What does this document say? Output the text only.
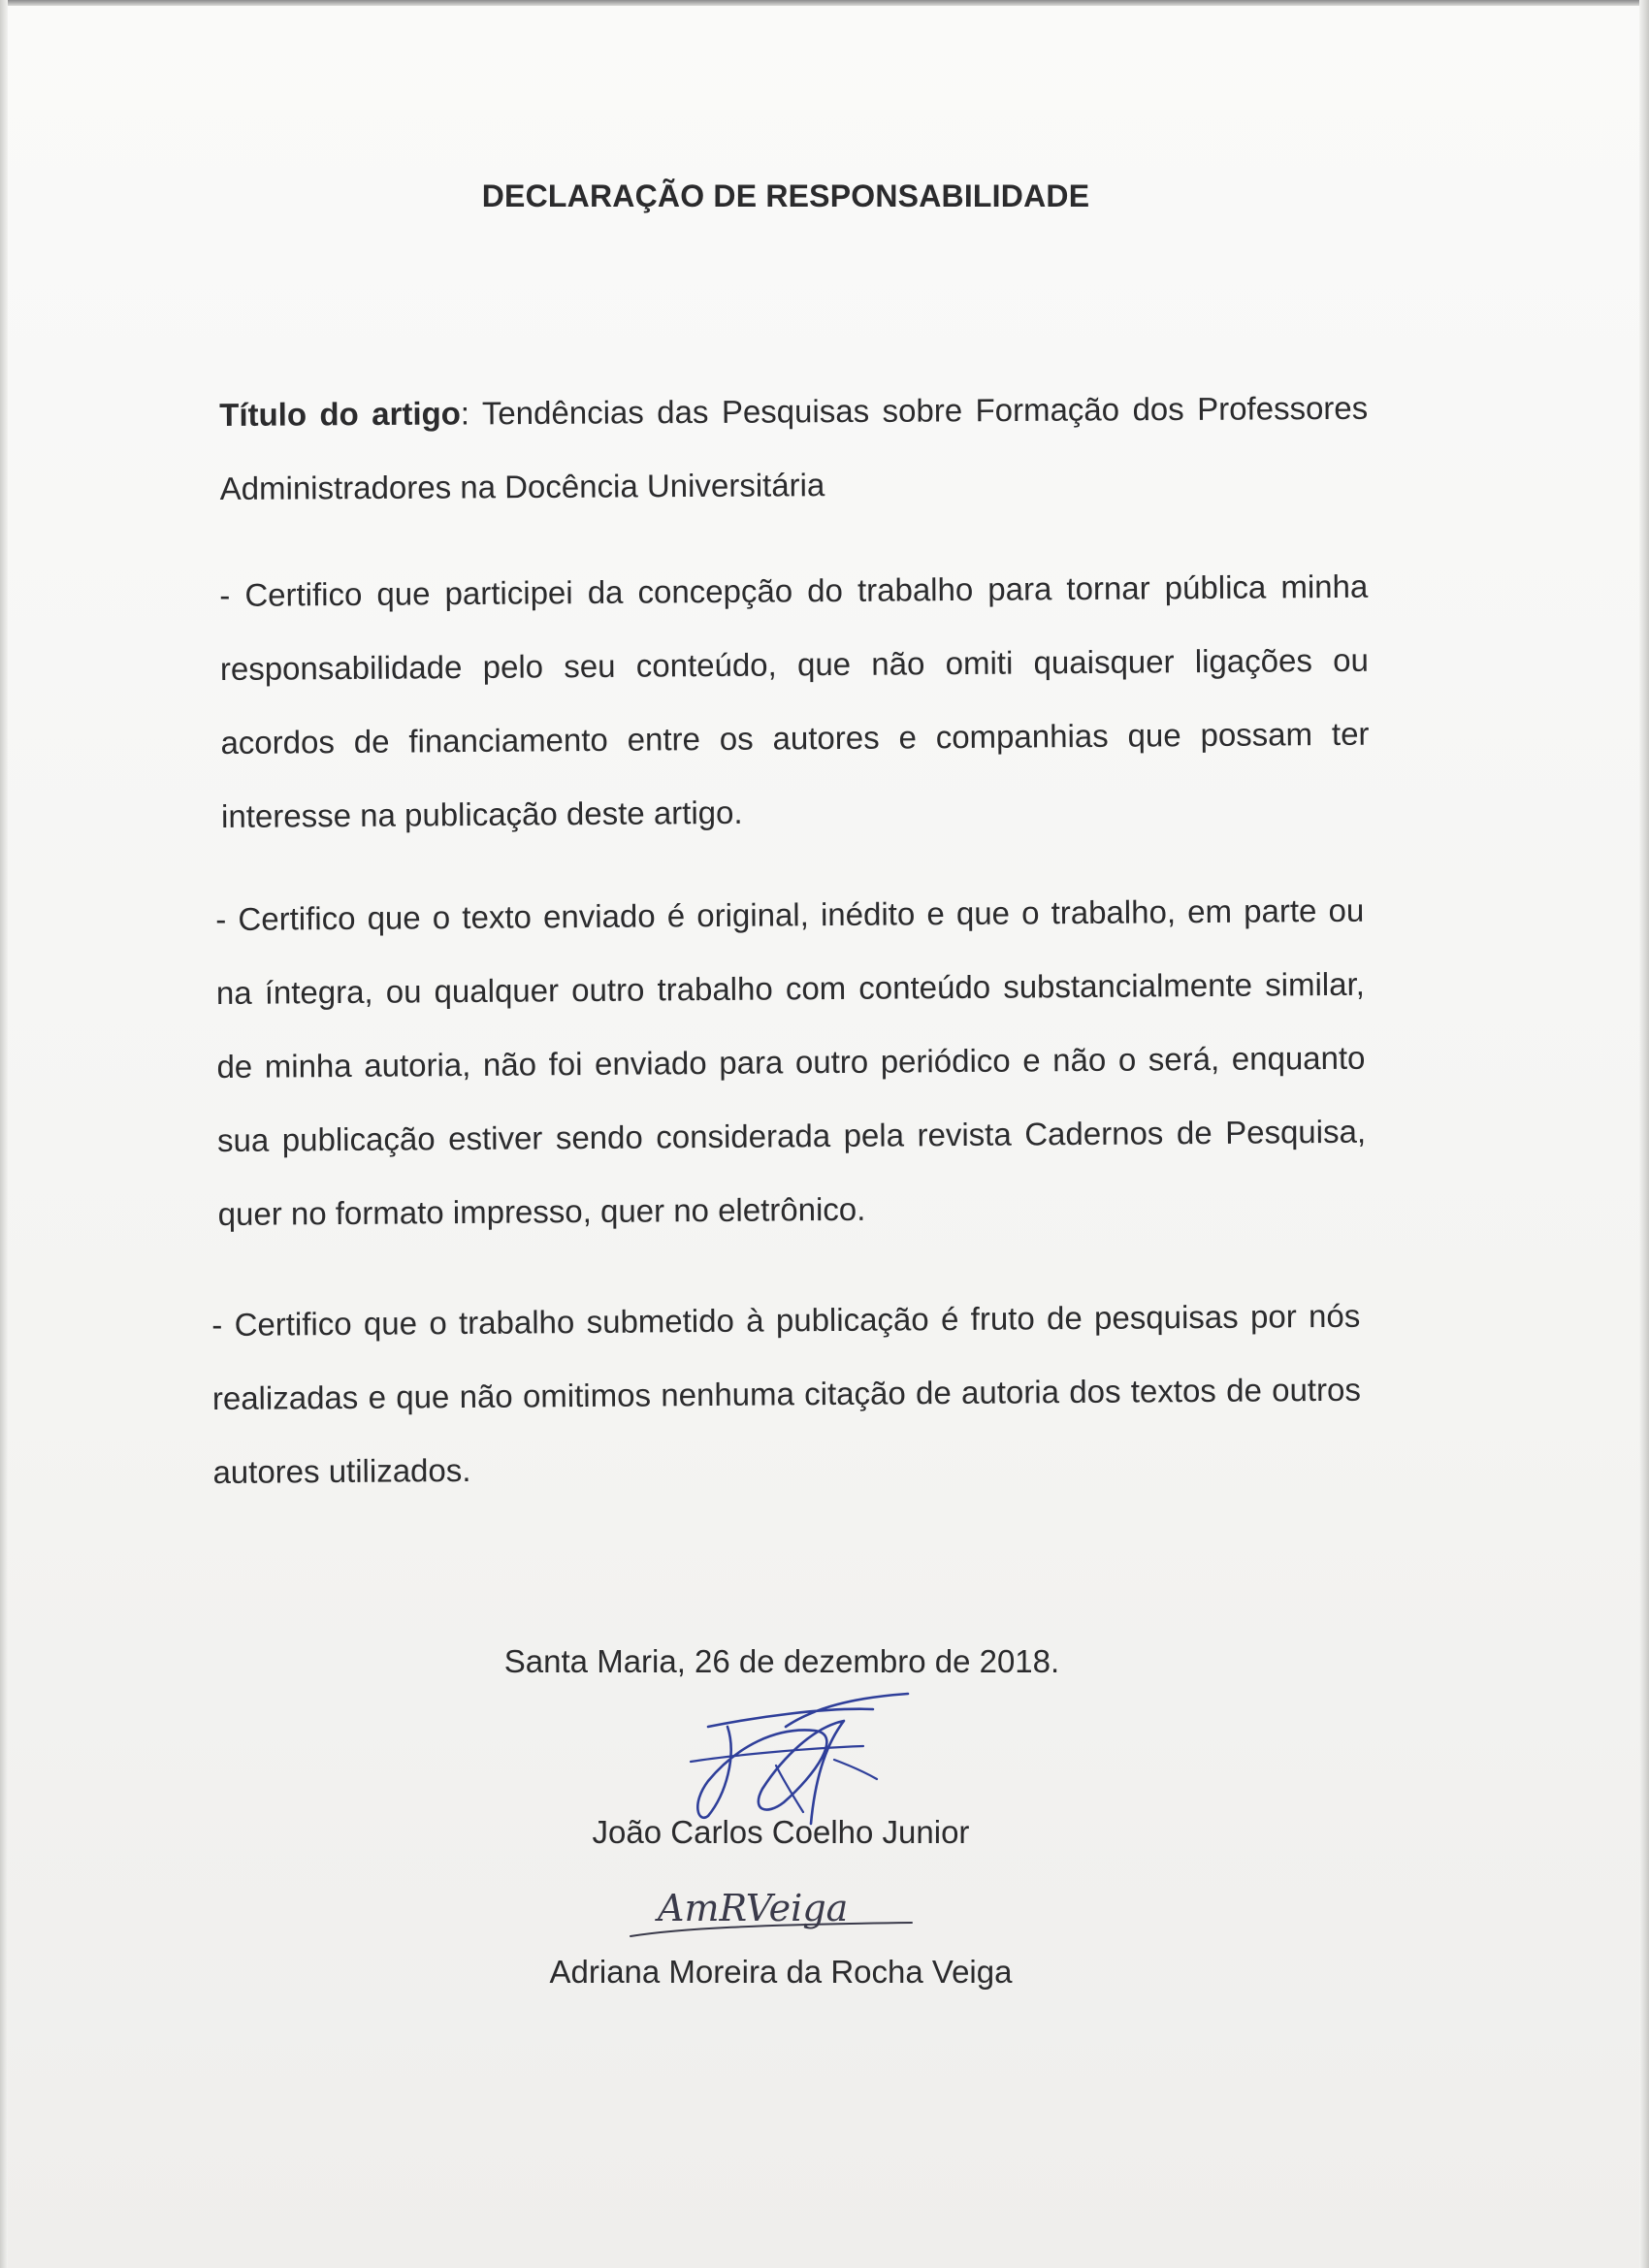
DECLARAÇÃO DE RESPONSABILIDADE
Título do artigo: Tendências das Pesquisas sobre Formação dos Professores Administradores na Docência Universitária
- Certifico que participei da concepção do trabalho para tornar pública minha responsabilidade pelo seu conteúdo, que não omiti quaisquer ligações ou acordos de financiamento entre os autores e companhias que possam ter interesse na publicação deste artigo.
- Certifico que o texto enviado é original, inédito e que o trabalho, em parte ou na íntegra, ou qualquer outro trabalho com conteúdo substancialmente similar, de minha autoria, não foi enviado para outro periódico e não o será, enquanto sua publicação estiver sendo considerada pela revista Cadernos de Pesquisa, quer no formato impresso, quer no eletrônico.
- Certifico que o trabalho submetido à publicação é fruto de pesquisas por nós realizadas e que não omitimos nenhuma citação de autoria dos textos de outros autores utilizados.
Santa Maria, 26 de dezembro de 2018.
João Carlos Coelho Junior
AmRVeiga
Adriana Moreira da Rocha Veiga
